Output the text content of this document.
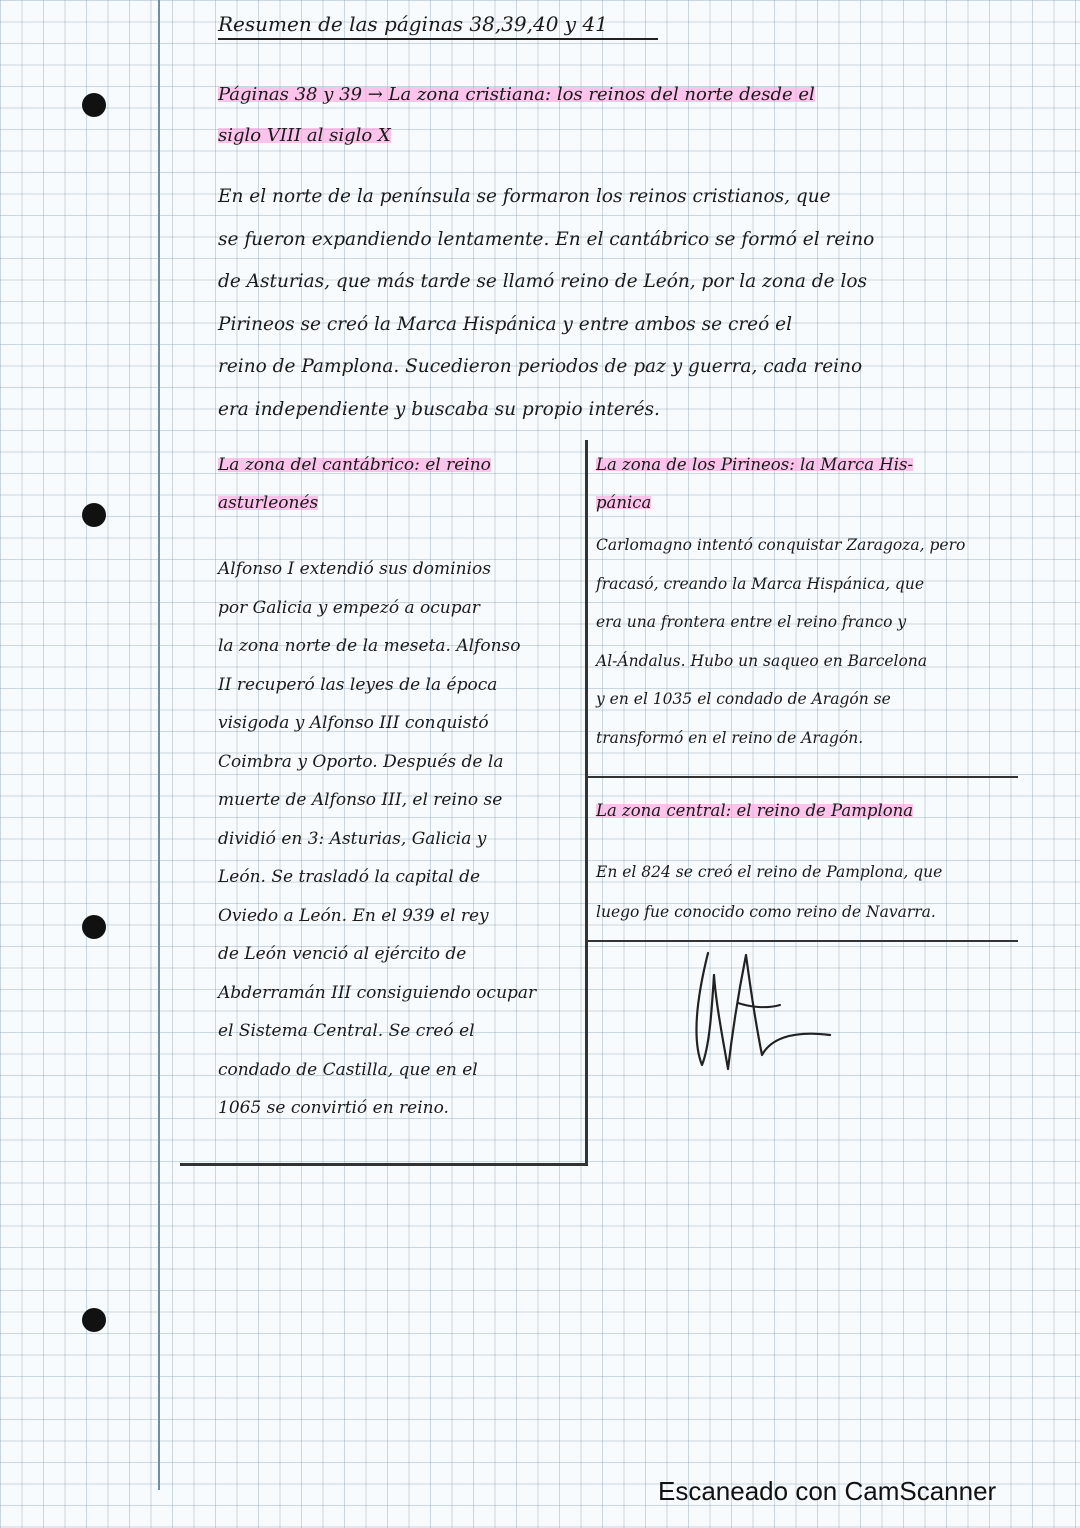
Resumen de las páginas 38,39,40 y 41

Páginas 38 y 39 → La zona cristiana: los reinos del norte desde el

siglo VIII al siglo X

En el norte de la península se formaron los reinos cristianos, que

se fueron expandiendo lentamente. En el cantábrico se formó el reino

de Asturias, que más tarde se llamó reino de León, por la zona de los

Pirineos se creó la Marca Hispánica y entre ambos se creó el

reino de Pamplona. Sucedieron periodos de paz y guerra, cada reino

era independiente y buscaba su propio interés.

La zona del cantábrico: el reino

asturleonés

Alfonso I extendió sus dominios

por Galicia y empezó a ocupar

la zona norte de la meseta. Alfonso

II recuperó las leyes de la época

visigoda y Alfonso III conquistó

Coimbra y Oporto. Después de la

muerte de Alfonso III, el reino se

dividió en 3: Asturias, Galicia y

León. Se trasladó la capital de

Oviedo a León. En el 939 el rey

de León venció al ejército de

Abderramán III consiguiendo ocupar

el Sistema Central. Se creó el

condado de Castilla, que en el

1065 se convirtió en reino.

La zona de los Pirineos: la Marca His-

pánica

Carlomagno intentó conquistar Zaragoza, pero

fracasó, creando la Marca Hispánica, que

era una frontera entre el reino franco y

Al-Ándalus. Hubo un saqueo en Barcelona

y en el 1035 el condado de Aragón se

transformó en el reino de Aragón.

La zona central: el reino de Pamplona

En el 824 se creó el reino de Pamplona, que

luego fue conocido como reino de Navarra.

Escaneado con CamScanner
